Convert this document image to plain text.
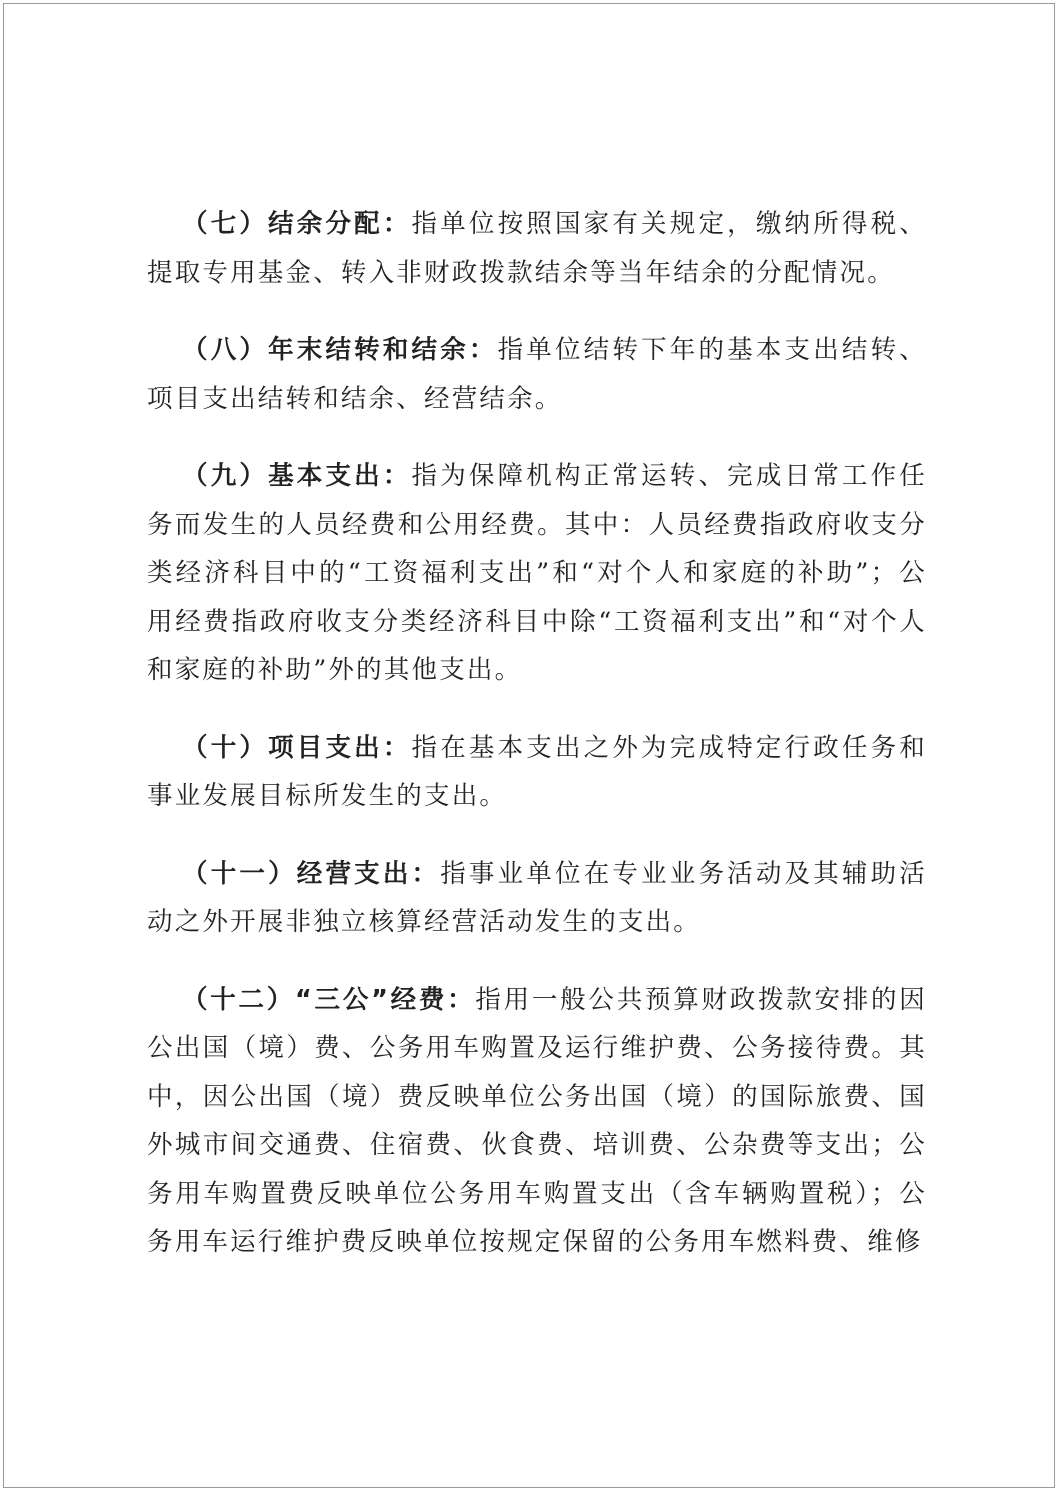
（七）结余分配：指单位按照国家有关规定，缴纳所得税、提取专用基金、转入非财政拨款结余等当年结余的分配情况。

（八）年末结转和结余：指单位结转下年的基本支出结转、项目支出结转和结余、经营结余。

（九）基本支出：指为保障机构正常运转、完成日常工作任务而发生的人员经费和公用经费。其中：人员经费指政府收支分类经济科目中的“工资福利支出”和“对个人和家庭的补助”；公用经费指政府收支分类经济科目中除“工资福利支出”和“对个人和家庭的补助”外的其他支出。

（十）项目支出：指在基本支出之外为完成特定行政任务和事业发展目标所发生的支出。

（十一）经营支出：指事业单位在专业业务活动及其辅助活动之外开展非独立核算经营活动发生的支出。

（十二）“三公”经费：指用一般公共预算财政拨款安排的因公出国（境）费、公务用车购置及运行维护费、公务接待费。其中，因公出国（境）费反映单位公务出国（境）的国际旅费、国外城市间交通费、住宿费、伙食费、培训费、公杂费等支出；公务用车购置费反映单位公务用车购置支出（含车辆购置税）；公务用车运行维护费反映单位按规定保留的公务用车燃料费、维修
